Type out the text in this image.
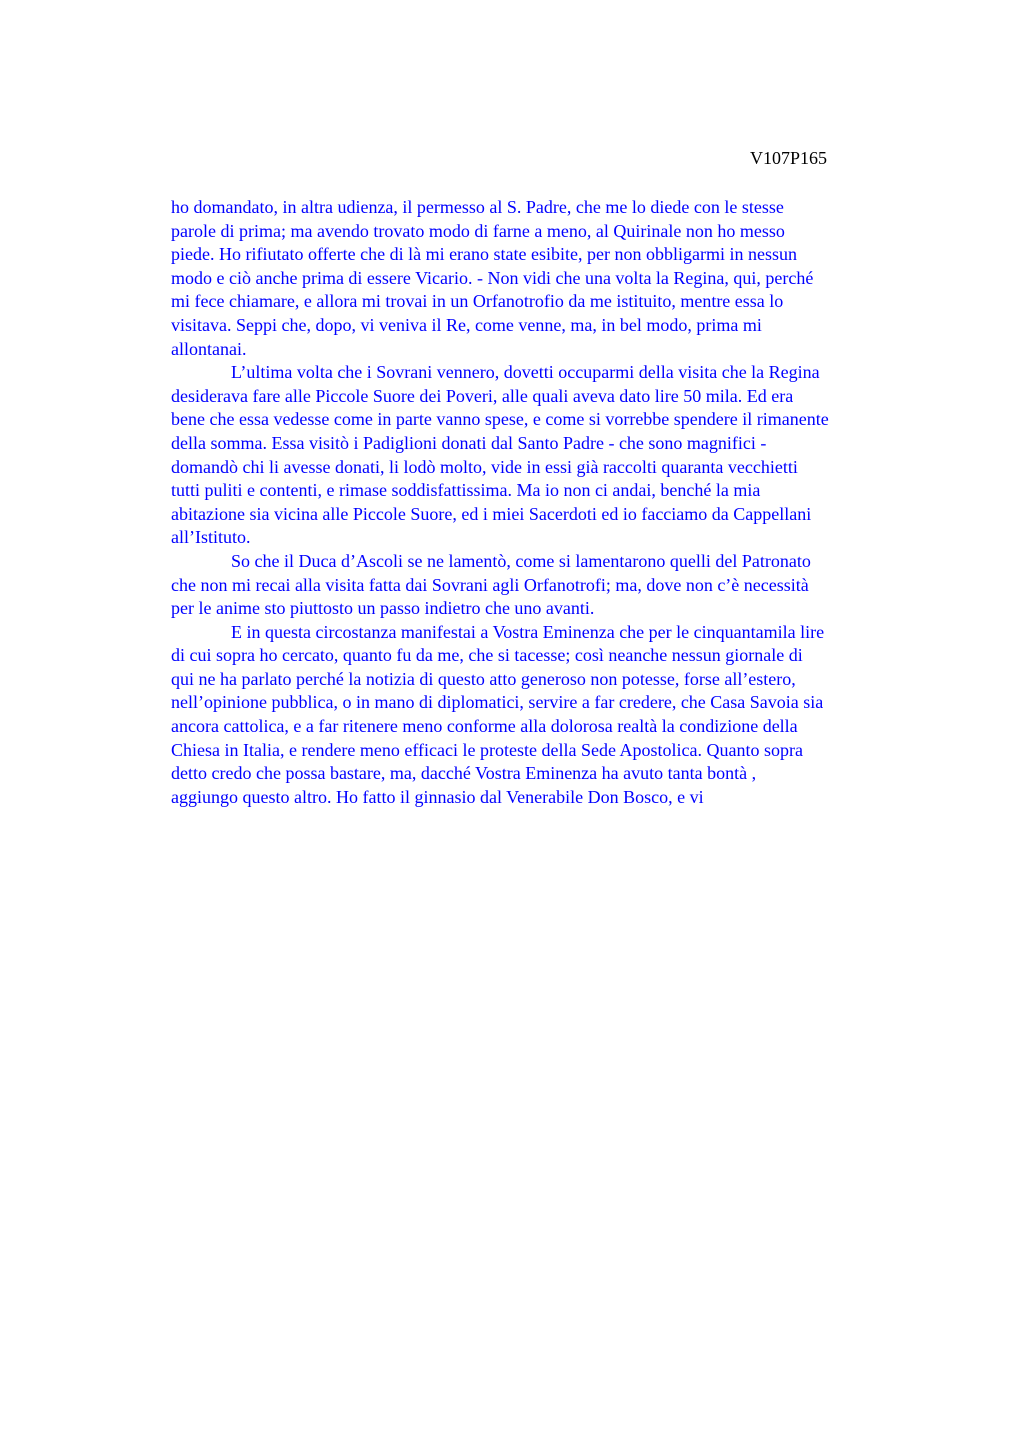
V107P165
ho domandato, in altra udienza, il permesso al S. Padre, che me lo diede con le stesse
parole di prima; ma avendo trovato modo di farne a meno, al Quirinale non ho messo
piede. Ho rifiutato offerte che di là mi erano state esibite, per non obbligarmi in nessun
modo e ciò anche prima di essere Vicario. - Non vidi che una volta la Regina, qui, perché
mi fece chiamare, e allora mi trovai in un Orfanotrofio da me istituito, mentre essa lo
visitava. Seppi che, dopo, vi veniva il Re, come venne, ma, in bel modo, prima mi
allontanai.
L’ultima volta che i Sovrani vennero, dovetti occuparmi della visita che la Regina
desiderava fare alle Piccole Suore dei Poveri, alle quali aveva dato lire 50 mila. Ed era
bene che essa vedesse come in parte vanno spese, e come si vorrebbe spendere il rimanente
della somma. Essa visitò i Padiglioni donati dal Santo Padre - che sono magnifici -
domandò chi li avesse donati, li lodò molto, vide in essi già raccolti quaranta vecchietti
tutti puliti e contenti, e rimase soddisfattissima. Ma io non ci andai, benché la mia
abitazione sia vicina alle Piccole Suore, ed i miei Sacerdoti ed io facciamo da Cappellani
all’Istituto.
So che il Duca d’Ascoli se ne lamentò, come si lamentarono quelli del Patronato
che non mi recai alla visita fatta dai Sovrani agli Orfanotrofi; ma, dove non c’è necessità
per le anime sto piuttosto un passo indietro che uno avanti.
E in questa circostanza manifestai a Vostra Eminenza che per le cinquantamila lire
di cui sopra ho cercato, quanto fu da me, che si tacesse; così neanche nessun giornale di
qui ne ha parlato perché la notizia di questo atto generoso non potesse, forse all’estero,
nell’opinione pubblica, o in mano di diplomatici, servire a far credere, che Casa Savoia sia
ancora cattolica, e a far ritenere meno conforme alla dolorosa realtà la condizione della
Chiesa in Italia, e rendere meno efficaci le proteste della Sede Apostolica. Quanto sopra
detto credo che possa bastare, ma, dacché Vostra Eminenza ha avuto tanta bontà ,
aggiungo questo altro. Ho fatto il ginnasio dal Venerabile Don Bosco, e vi
